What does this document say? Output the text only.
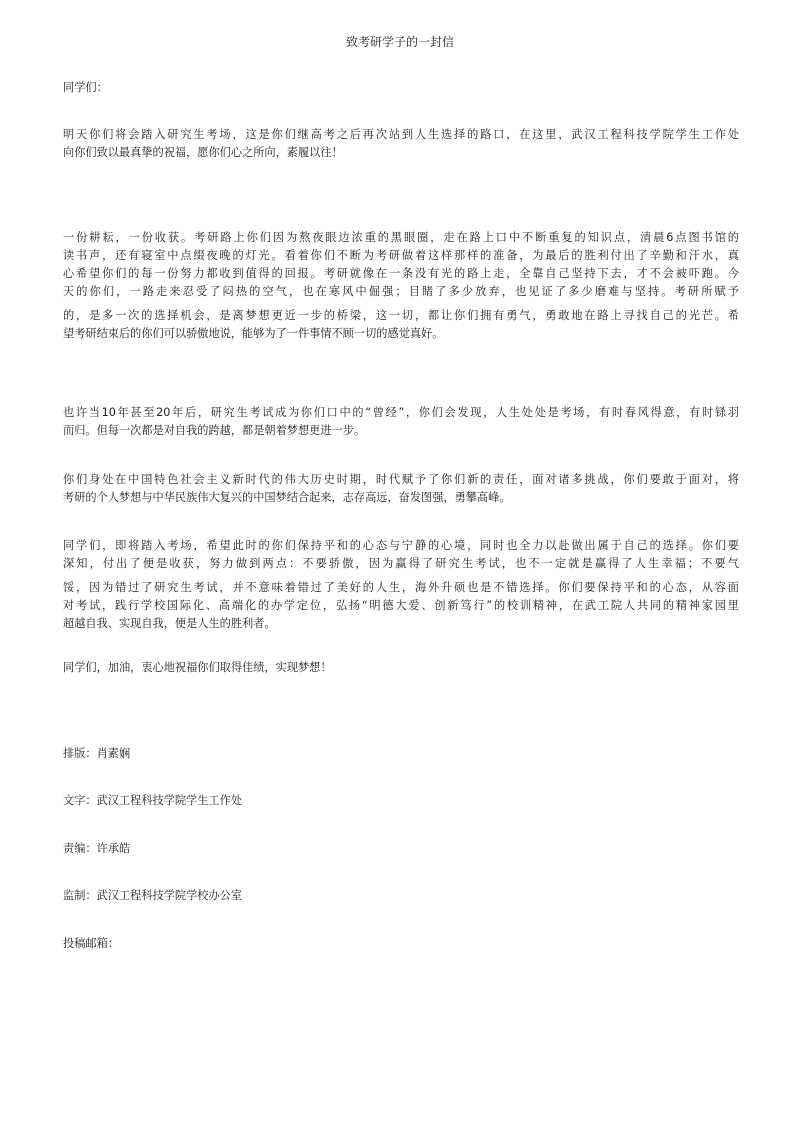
致考研学子的一封信

同学们：

明天你们将会踏入研究生考场，这是你们继高考之后再次站到人生选择的路口，在这里，武汉工程科技学院学生工作处
向你们致以最真挚的祝福，愿你们心之所向，素履以往！
一份耕耘，一份收获。考研路上你们因为熬夜眼边浓重的黑眼圈，走在路上口中不断重复的知识点，清晨6点图书馆的
读书声，还有寝室中点缀夜晚的灯光。看着你们不断为考研做着这样那样的准备，为最后的胜利付出了辛勤和汗水，真
心希望你们的每一份努力都收到值得的回报。考研就像在一条没有光的路上走，全靠自己坚持下去，才不会被吓跑。今
天的你们，一路走来忍受了闷热的空气，也在寒风中倔强；目睹了多少放弃，也见证了多少磨难与坚持。考研所赋予
的，是多一次的选择机会，是离梦想更近一步的桥梁，这一切，都让你们拥有勇气，勇敢地在路上寻找自己的光芒。希
望考研结束后的你们可以骄傲地说，能够为了一件事情不顾一切的感觉真好。
也许当10年甚至20年后，研究生考试成为你们口中的“曾经”，你们会发现，人生处处是考场，有时春风得意，有时铩羽
而归。但每一次都是对自我的跨越，都是朝着梦想更进一步。
你们身处在中国特色社会主义新时代的伟大历史时期，时代赋予了你们新的责任，面对诸多挑战，你们要敢于面对，将
考研的个人梦想与中华民族伟大复兴的中国梦结合起来，志存高远，奋发图强，勇攀高峰。
同学们，即将踏入考场，希望此时的你们保持平和的心态与宁静的心境，同时也全力以赴做出属于自己的选择。你们要
深知，付出了便是收获，努力做到两点：不要骄傲，因为赢得了研究生考试，也不一定就是赢得了人生幸福；不要气
馁，因为错过了研究生考试，并不意味着错过了美好的人生，海外升硕也是不错选择。你们要保持平和的心态，从容面
对考试，践行学校国际化、高端化的办学定位，弘扬“明德大爱、创新笃行”的校训精神，在武工院人共同的精神家园里
超越自我、实现自我，便是人生的胜利者。

同学们，加油，衷心地祝福你们取得佳绩，实现梦想！

排版：肖素娴

文字：武汉工程科技学院学生工作处

责编：许承皓

监制：武汉工程科技学院学校办公室

投稿邮箱：
